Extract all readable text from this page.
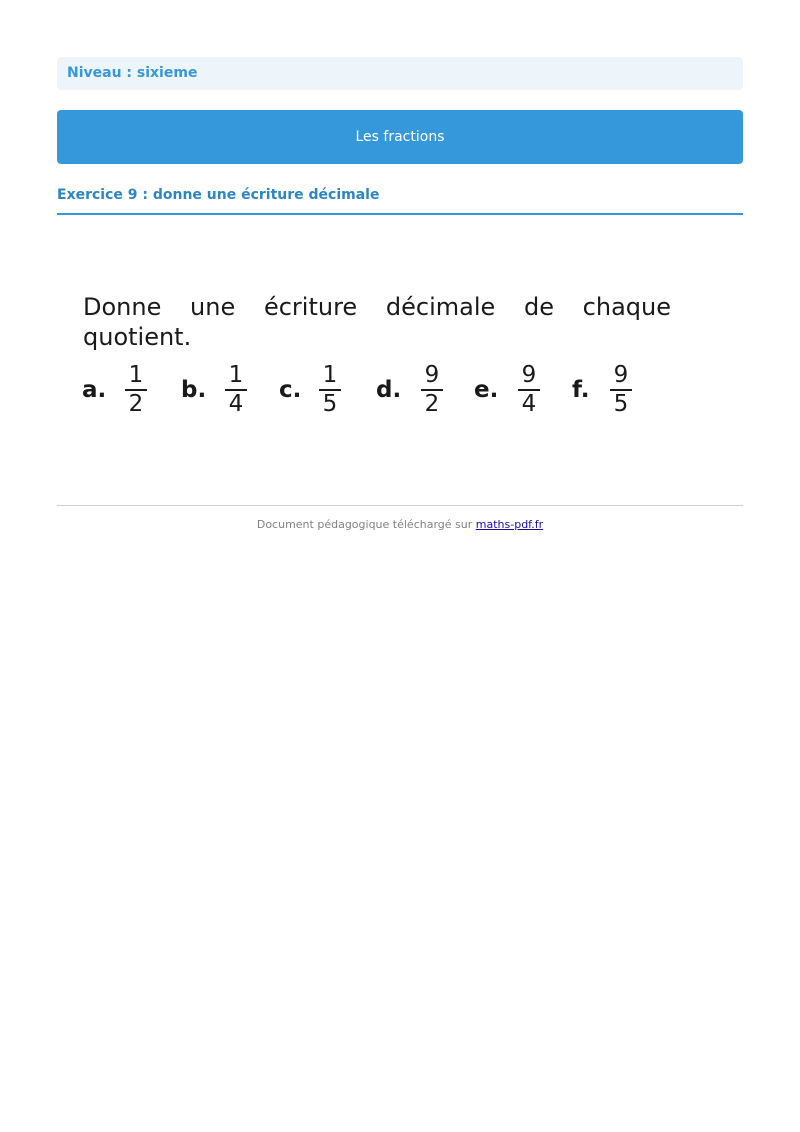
Niveau : sixieme
Les fractions
Exercice 9 : donne une écriture décimale
Donne une écriture décimale de chaque quotient.
a.
1
2
b.
1
4
c.
1
5
d.
9
2
e.
9
4
f.
9
5
Document pédagogique téléchargé sur maths-pdf.fr
